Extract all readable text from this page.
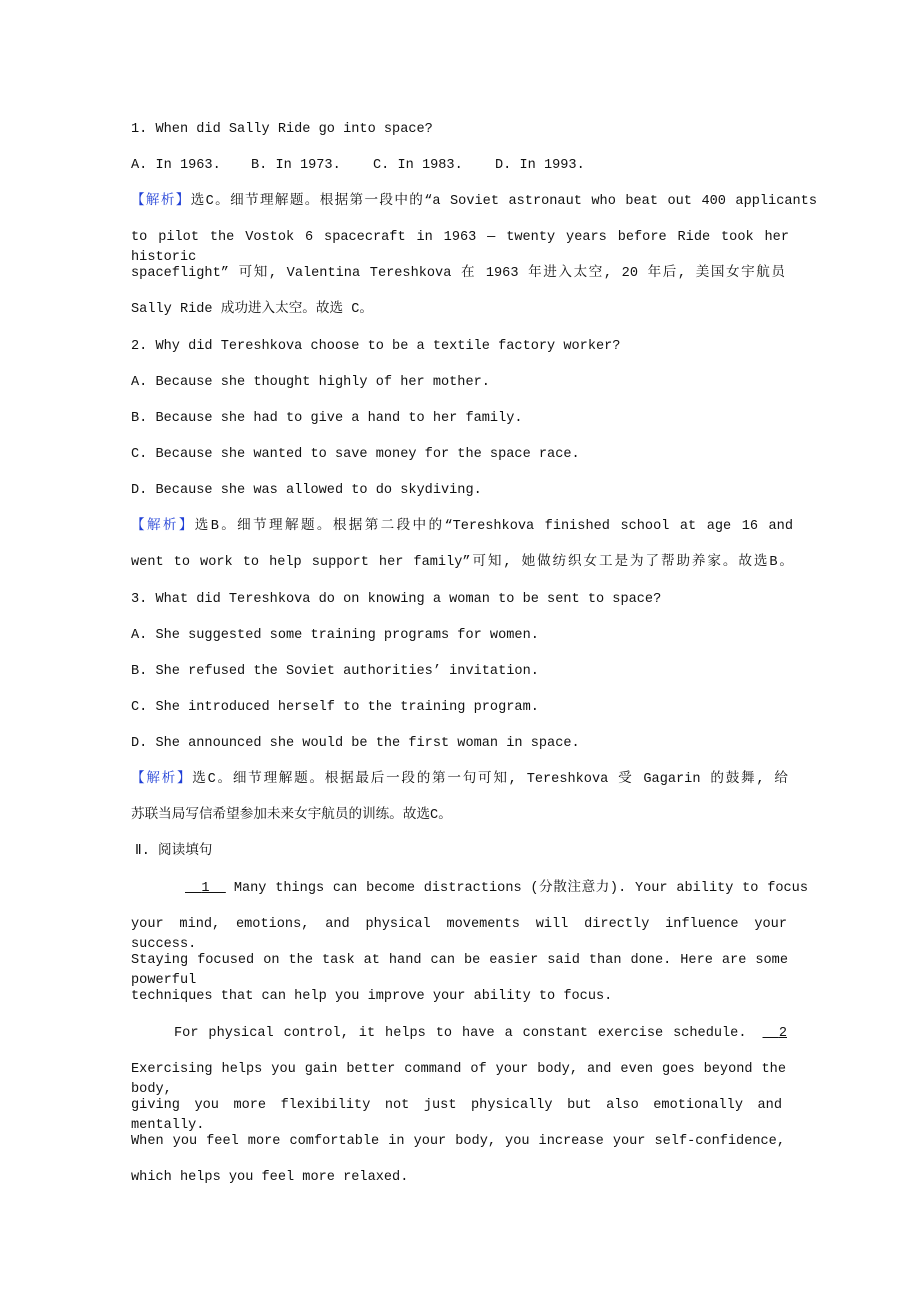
1. When did Sally Ride go into space?
A. In 1963. B. In 1973. C. In 1983. D. In 1993.
【解析】选C。细节理解题。根据第一段中的“a Soviet astronaut who beat out 400 applicants
to pilot the Vostok 6 spacecraft in 1963 — twenty years before Ride took her historic
spaceflight” 可知, Valentina Tereshkova 在 1963 年进入太空, 20 年后, 美国女宇航员
Sally Ride 成功进入太空。故选 C。
2. Why did Tereshkova choose to be a textile factory worker?
A. Because she thought highly of her mother.
B. Because she had to give a hand to her family.
C. Because she wanted to save money for the space race.
D. Because she was allowed to do skydiving.
【解析】选B。细节理解题。根据第二段中的“Tereshkova finished school at age 16 and
went to work to help support her family”可知, 她做纺织女工是为了帮助养家。故选B。
3. What did Tereshkova do on knowing a woman to be sent to space?
A. She suggested some training programs for women.
B. She refused the Soviet authorities’ invitation.
C. She introduced herself to the training program.
D. She announced she would be the first woman in space.
【解析】选C。细节理解题。根据最后一段的第一句可知, Tereshkova 受 Gagarin 的鼓舞, 给
苏联当局写信希望参加未来女宇航员的训练。故选C。
Ⅱ. 阅读填句
1	Many things can become distractions (分散注意力). Your ability to focus
your mind, emotions, and physical movements will directly influence your success.
Staying focused on the task at hand can be easier said than done. Here are some powerful
techniques that can help you improve your ability to focus.
For physical control, it helps to have a constant exercise schedule.	2
Exercising helps you gain better command of your body, and even goes beyond the body,
giving you more flexibility not just physically but also emotionally and mentally.
When you feel more comfortable in your body, you increase your self-confidence,
which helps you feel more relaxed.
